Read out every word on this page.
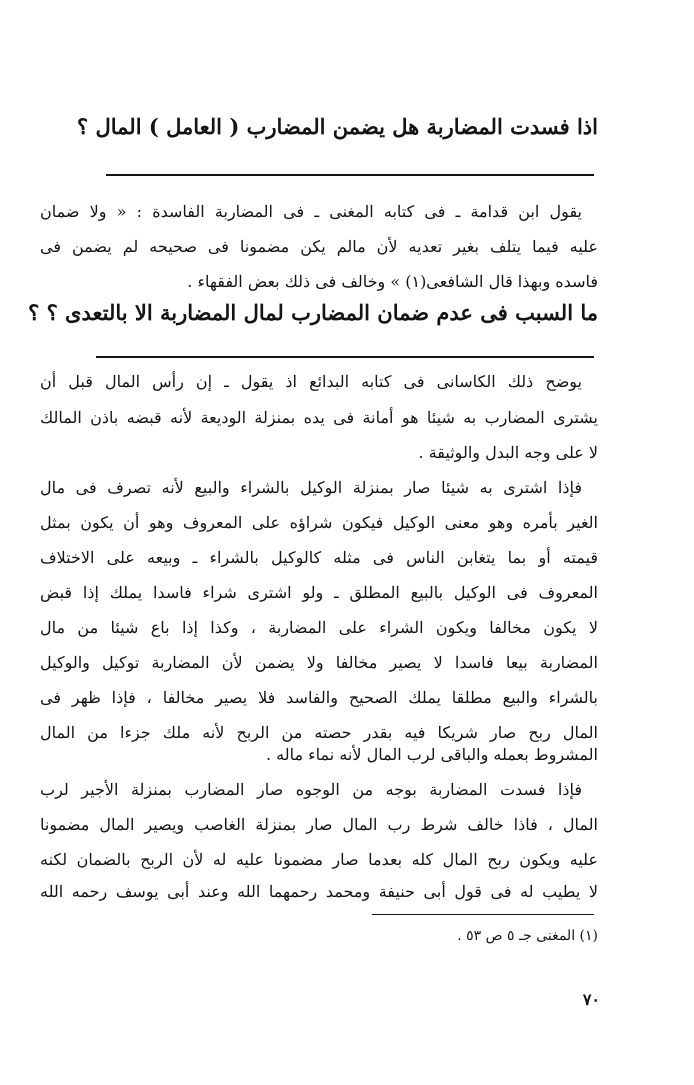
اذا فسدت المضاربة هل يضمن المضارب ( العامل ) المال ؟
يقول ابن قدامة ـ فى كتابه المغنى ـ فى المضاربة الفاسدة : « ولا ضمان
عليه فيما يتلف بغير تعديه لأن مالم يكن مضمونا فى صحيحه لم يضمن فى
فاسده وبهذا قال الشافعى(١) » وخالف فى ذلك بعض الفقهاء .
ما السبب فى عدم ضمان المضارب لمال المضاربة الا بالتعدى ؟ ؟
يوضح ذلك الكاسانى فى كتابه البدائع اذ يقول ـ إن رأس المال قبل أن
يشترى المضارب به شيئا هو أمانة فى يده بمنزلة الوديعة لأنه قبضه باذن المالك
لا على وجه البدل والوثيقة .
فإذا اشترى به شيئا صار بمنزلة الوكيل بالشراء والبيع لأنه تصرف فى مال
الغير بأمره وهو معنى الوكيل فيكون شراؤه على المعروف وهو أن يكون بمثل
قيمته أو بما يتغابن الناس فى مثله كالوكيل بالشراء ـ وبيعه على الاختلاف
المعروف فى الوكيل بالبيع المطلق ـ ولو اشترى شراء فاسدا يملك إذا قبض
لا يكون مخالفا ويكون الشراء على المضاربة ، وكذا إذا باع شيئا من مال
المضاربة بيعا فاسدا لا يصير مخالفا ولا يضمن لأن المضاربة توكيل والوكيل
بالشراء والبيع مطلقا يملك الصحيح والفاسد فلا يصير مخالفا ، فإذا ظهر فى
المال ربح صار شريكا فيه بقدر حصته من الربح لأنه ملك جزءا من المال
المشروط بعمله والباقى لرب المال لأنه نماء ماله .
فإذا فسدت المضاربة بوجه من الوجوه صار المضارب بمنزلة الأجير لرب
المال ، فاذا خالف شرط رب المال صار بمنزلة الغاصب ويصير المال مضمونا
عليه ويكون ربح المال كله بعدما صار مضمونا عليه له لأن الربح بالضمان لكنه
لا يطيب له فى قول أبى حنيفة ومحمد رحمهما الله وعند أبى يوسف رحمه الله
(١) المغنى جـ ٥ ص ٥٣ .
٧٠
